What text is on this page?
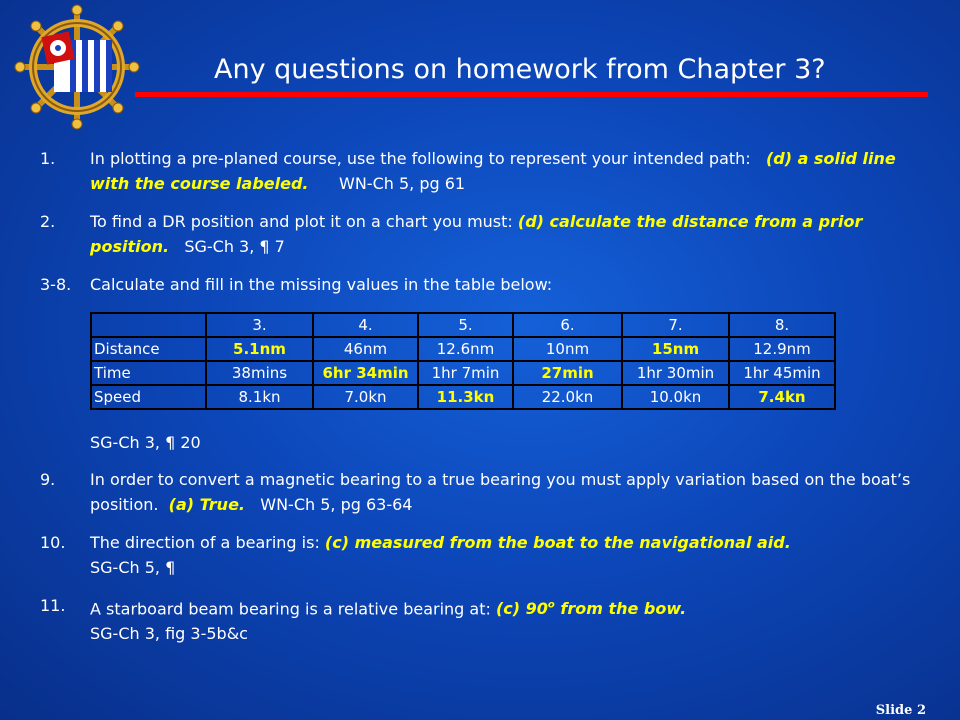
Any questions on homework from Chapter 3?
1.	In plotting a pre-planed course, use the following to represent your intended path: (d) a solid line with the course labeled. WN-Ch 5, pg 61
2.	To find a DR position and plot it on a chart you must: (d) calculate the distance from a prior position. SG-Ch 3, ¶ 7
3-8.	Calculate and fill in the missing values in the table below:
	3.	4.	5.	6.	7.	8.
Distance	5.1nm	46nm	12.6nm	10nm	15nm	12.9nm
Time	38mins	6hr 34min	1hr 7min	27min	1hr 30min	1hr 45min
Speed	8.1kn	7.0kn	11.3kn	22.0kn	10.0kn	7.4kn
SG-Ch 3, ¶ 20
9.	In order to convert a magnetic bearing to a true bearing you must apply variation based on the boat’s position. (a) True. WN-Ch 5, pg 63-64
10.	The direction of a bearing is: (c) measured from the boat to the navigational aid.
SG-Ch 5, ¶
11.	A starboard beam bearing is a relative bearing at: (c) 90$^o$ from the bow.
SG-Ch 3, fig 3-5b&c
Slide 2
